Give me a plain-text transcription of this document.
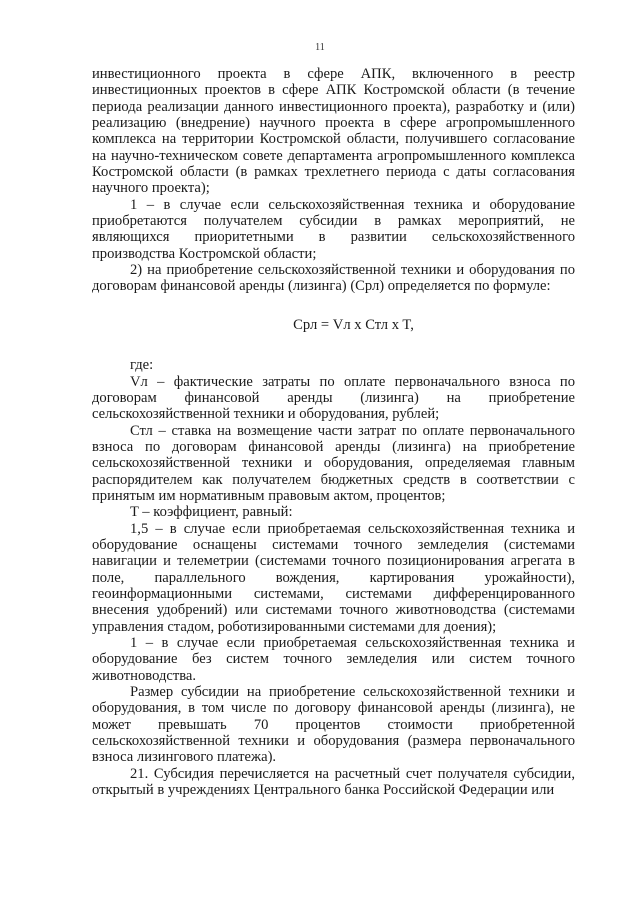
11

инвестиционного проекта в сфере АПК, включенного в реестр инвестиционных проектов в сфере АПК Костромской области (в течение периода реализации данного инвестиционного проекта), разработку и (или) реализацию (внедрение) научного проекта в сфере агропромышленного комплекса на территории Костромской области, получившего согласование на научно-техническом совете департамента агропромышленного комплекса Костромской области (в рамках трехлетнего периода с даты согласования научного проекта);

1 – в случае если сельскохозяйственная техника и оборудование приобретаются получателем субсидии в рамках мероприятий, не являющихся приоритетными в развитии сельскохозяйственного производства Костромской области;

2) на приобретение сельскохозяйственной техники и оборудования по договорам финансовой аренды (лизинга) (Срл) определяется по формуле:

Срл = Vл x Стл x T,

где:

Vл – фактические затраты по оплате первоначального взноса по договорам финансовой аренды (лизинга) на приобретение сельскохозяйственной техники и оборудования, рублей;

Стл – ставка на возмещение части затрат по оплате первоначального взноса по договорам финансовой аренды (лизинга) на приобретение сельскохозяйственной техники и оборудования, определяемая главным распорядителем как получателем бюджетных средств в соответствии с принятым им нормативным правовым актом, процентов;

T – коэффициент, равный:

1,5 – в случае если приобретаемая сельскохозяйственная техника и оборудование оснащены системами точного земледелия (системами навигации и телеметрии (системами точного позиционирования агрегата в поле, параллельного вождения, картирования урожайности), геоинформационными системами, системами дифференцированного внесения удобрений) или системами точного животноводства (системами управления стадом, роботизированными системами для доения);

1 – в случае если приобретаемая сельскохозяйственная техника и оборудование без систем точного земледелия или систем точного животноводства.

Размер субсидии на приобретение сельскохозяйственной техники и оборудования, в том числе по договору финансовой аренды (лизинга), не может превышать 70 процентов стоимости приобретенной сельскохозяйственной техники и оборудования (размера первоначального взноса лизингового платежа).

21. Субсидия перечисляется на расчетный счет получателя субсидии, открытый в учреждениях Центрального банка Российской Федерации или
